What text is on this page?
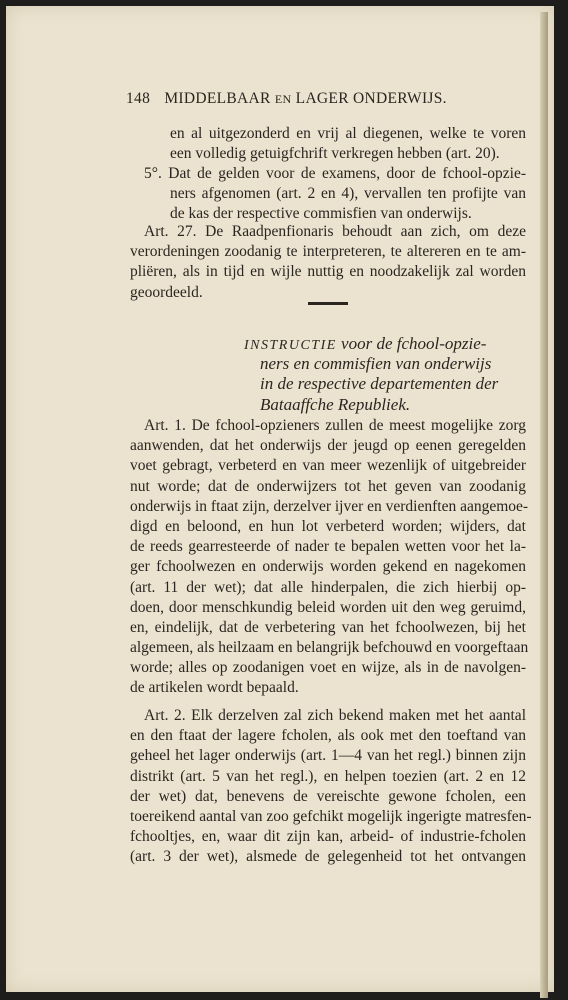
148 MIDDELBAAR EN LAGER ONDERWIJS.
en al uitgezonderd en vrij al diegenen, welke te voren
een volledig getuigfchrift verkregen hebben (art. 20).
5°. Dat de gelden voor de examens, door de fchool-opzie-
ners afgenomen (art. 2 en 4), vervallen ten profijte van
de kas der respective commisfien van onderwijs.
Art. 27. De Raadpenfionaris behoudt aan zich, om deze
verordeningen zoodanig te interpreteren, te altereren en te am-
pliëren, als in tijd en wijle nuttig en noodzakelijk zal worden
geoordeeld.
INSTRUCTIE voor de fchool-opzie-
ners en commisfien van onderwijs
in de respective departementen der
Bataaffche Republiek.
Art. 1. De fchool-opzieners zullen de meest mogelijke zorg
aanwenden, dat het onderwijs der jeugd op eenen geregelden
voet gebragt, verbeterd en van meer wezenlijk of uitgebreider
nut worde; dat de onderwijzers tot het geven van zoodanig
onderwijs in ftaat zijn, derzelver ijver en verdienften aangemoe-
digd en beloond, en hun lot verbeterd worden; wijders, dat
de reeds gearresteerde of nader te bepalen wetten voor het la-
ger fchoolwezen en onderwijs worden gekend en nagekomen
(art. 11 der wet); dat alle hinderpalen, die zich hierbij op-
doen, door menschkundig beleid worden uit den weg geruimd,
en, eindelijk, dat de verbetering van het fchoolwezen, bij het
algemeen, als heilzaam en belangrijk befchouwd en voorgeftaan
worde; alles op zoodanigen voet en wijze, als in de navolgen-
de artikelen wordt bepaald.
Art. 2. Elk derzelven zal zich bekend maken met het aantal
en den ftaat der lagere fcholen, als ook met den toeftand van
geheel het lager onderwijs (art. 1—4 van het regl.) binnen zijn
distrikt (art. 5 van het regl.), en helpen toezien (art. 2 en 12
der wet) dat, benevens de vereischte gewone fcholen, een
toereikend aantal van zoo gefchikt mogelijk ingerigte matresfen-
fchooltjes, en, waar dit zijn kan, arbeid- of industrie-fcholen
(art. 3 der wet), alsmede de gelegenheid tot het ontvangen
